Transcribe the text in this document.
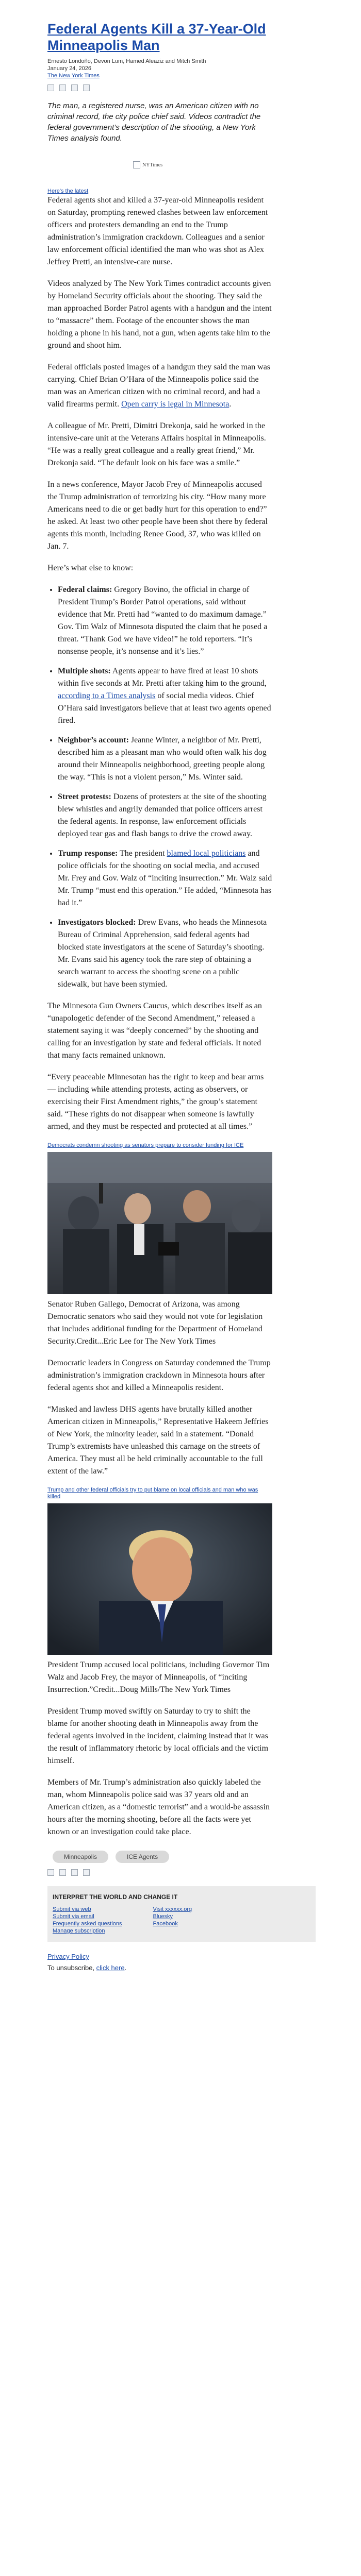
Federal Agents Kill a 37-Year-Old Minneapolis Man
Ernesto Londoño, Devon Lum, Hamed Aleaziz and Mitch Smith
January 24, 2026
The New York Times

The man, a registered nurse, was an American citizen with no criminal record, the city police chief said. Videos contradict the federal government’s description of the shooting, a New York Times analysis found.

NYTimes
Here's the latest

Federal agents shot and killed a 37-year-old Minneapolis resident on Saturday, prompting renewed clashes between law enforcement officers and protesters demanding an end to the Trump administration’s immigration crackdown. Colleagues and a senior law enforcement official identified the man who was shot as Alex Jeffrey Pretti, an intensive-care nurse.

Videos analyzed by The New York Times contradict accounts given by Homeland Security officials about the shooting. They said the man approached Border Patrol agents with a handgun and the intent to “massacre” them. Footage of the encounter shows the man holding a phone in his hand, not a gun, when agents take him to the ground and shoot him.

Federal officials posted images of a handgun they said the man was carrying. Chief Brian O’Hara of the Minneapolis police said the man was an American citizen with no criminal record, and had a valid firearms permit. Open carry is legal in Minnesota.

A colleague of Mr. Pretti, Dimitri Drekonja, said he worked in the intensive-care unit at the Veterans Affairs hospital in Minneapolis. “He was a really great colleague and a really great friend,” Mr. Drekonja said. “The default look on his face was a smile.”

In a news conference, Mayor Jacob Frey of Minneapolis accused the Trump administration of terrorizing his city. “How many more Americans need to die or get badly hurt for this operation to end?” he asked. At least two other people have been shot there by federal agents this month, including Renee Good, 37, who was killed on Jan. 7.

Here’s what else to know:

• Federal claims: Gregory Bovino, the official in charge of President Trump’s Border Patrol operations, said without evidence that Mr. Pretti had “wanted to do maximum damage.” Gov. Tim Walz of Minnesota disputed the claim that he posed a threat. “Thank God we have video!” he told reporters. “It’s nonsense people, it’s nonsense and it’s lies.”
• Multiple shots: Agents appear to have fired at least 10 shots within five seconds at Mr. Pretti after taking him to the ground, according to a Times analysis of social media videos. Chief O’Hara said investigators believe that at least two agents opened fired.
• Neighbor’s account: Jeanne Winter, a neighbor of Mr. Pretti, described him as a pleasant man who would often walk his dog around their Minneapolis neighborhood, greeting people along the way. “This is not a violent person,” Ms. Winter said.
• Street protests: Dozens of protesters at the site of the shooting blew whistles and angrily demanded that police officers arrest the federal agents. In response, law enforcement officials deployed tear gas and flash bangs to drive the crowd away.
• Trump response: The president blamed local politicians and police officials for the shooting on social media, and accused Mr. Frey and Gov. Walz of “inciting insurrection.” Mr. Walz said Mr. Trump “must end this operation.” He added, “Minnesota has had it.”
• Investigators blocked: Drew Evans, who heads the Minnesota Bureau of Criminal Apprehension, said federal agents had blocked state investigators at the scene of Saturday’s shooting. Mr. Evans said his agency took the rare step of obtaining a search warrant to access the shooting scene on a public sidewalk, but have been stymied.

The Minnesota Gun Owners Caucus, which describes itself as an “unapologetic defender of the Second Amendment,” released a statement saying it was “deeply concerned” by the shooting and calling for an investigation by state and federal officials. It noted that many facts remained unknown.

“Every peaceable Minnesotan has the right to keep and bear arms — including while attending protests, acting as observers, or exercising their First Amendment rights,” the group’s statement said. “These rights do not disappear when someone is lawfully armed, and they must be respected and protected at all times.”

Democrats condemn shooting as senators prepare to consider funding for ICE

Senator Ruben Gallego, Democrat of Arizona, was among Democratic senators who said they would not vote for legislation that includes additional funding for the Department of Homeland Security.Credit...Eric Lee for The New York Times

Democratic leaders in Congress on Saturday condemned the Trump administration’s immigration crackdown in Minnesota hours after federal agents shot and killed a Minneapolis resident.

“Masked and lawless DHS agents have brutally killed another American citizen in Minneapolis,” Representative Hakeem Jeffries of New York, the minority leader, said in a statement. “Donald Trump’s extremists have unleashed this carnage on the streets of America. They must all be held criminally accountable to the full extent of the law.”

Trump and other federal officials try to put blame on local officials and man who was killed

President Trump accused local politicians, including Governor Tim Walz and Jacob Frey, the mayor of Minneapolis, of “inciting Insurrection.”Credit...Doug Mills/The New York Times

President Trump moved swiftly on Saturday to try to shift the blame for another shooting death in Minneapolis away from the federal agents involved in the incident, claiming instead that it was the result of inflammatory rhetoric by local officials and the victim himself.

Members of Mr. Trump’s administration also quickly labeled the man, whom Minneapolis police said was 37 years old and an American citizen, as a “domestic terrorist” and a would-be assassin hours after the morning shooting, before all the facts were yet known or an investigation could take place.

Minneapolis	ICE Agents
INTERPRET THE WORLD AND CHANGE IT
Submit via web
Submit via email
Frequently asked questions
Manage subscription
Visit xxxxxx.org
Bluesky
Facebook
Privacy Policy
To unsubscribe, click here.
